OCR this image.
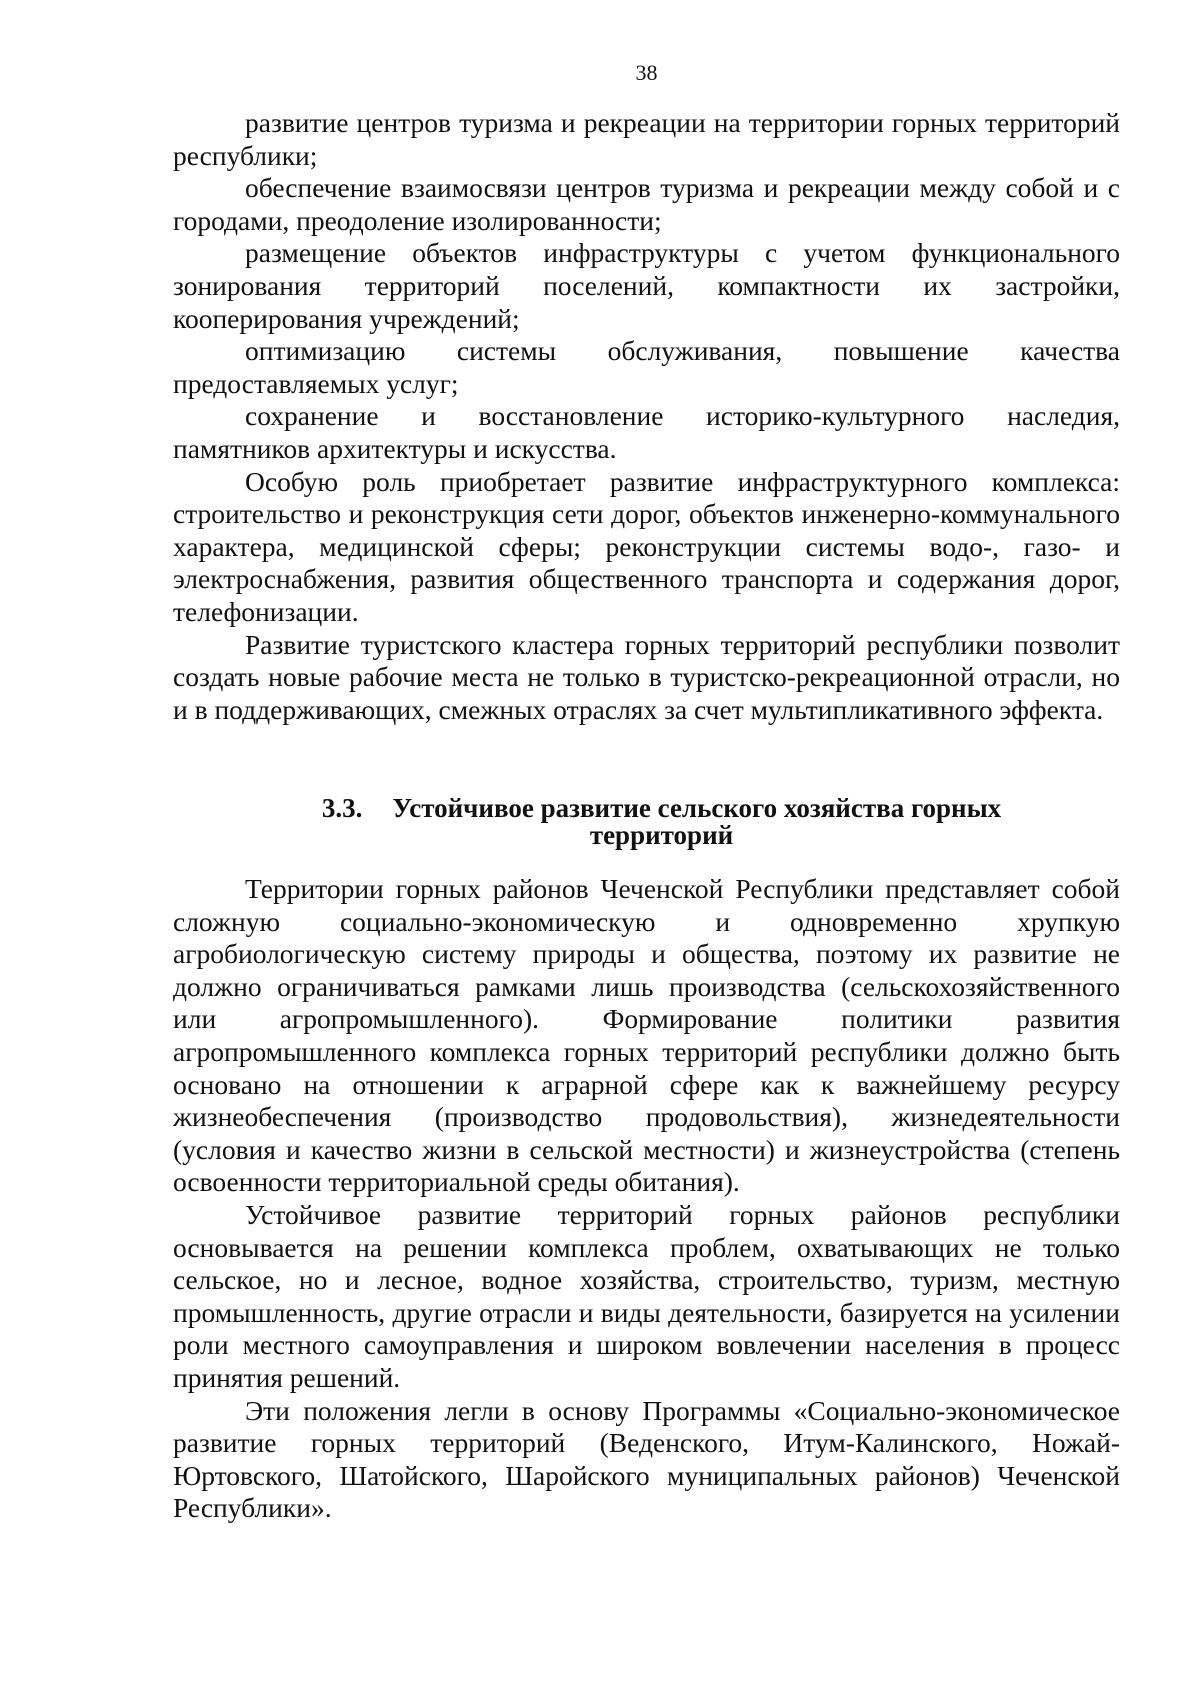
38

развитие центров туризма и рекреации на территории горных территорий республики;

обеспечение взаимосвязи центров туризма и рекреации между собой и с городами, преодоление изолированности;

размещение объектов инфраструктуры с учетом функционального зонирования территорий поселений, компактности их застройки, кооперирования учреждений;

оптимизацию системы обслуживания, повышение качества предоставляемых услуг;

сохранение и восстановление историко-культурного наследия, памятников архитектуры и искусства.

Особую роль приобретает развитие инфраструктурного комплекса: строительство и реконструкция сети дорог, объектов инженерно-коммунального характера, медицинской сферы; реконструкции системы водо-, газо- и электроснабжения, развития общественного транспорта и содержания дорог, телефонизации.

Развитие туристского кластера горных территорий республики позволит создать новые рабочие места не только в туристско-рекреационной отрасли, но и в поддерживающих, смежных отраслях за счет мультипликативного эффекта.

3.3. Устойчивое развитие сельского хозяйства горных
территорий

Территории горных районов Чеченской Республики представляет собой сложную социально-экономическую и одновременно хрупкую агробиологическую систему природы и общества, поэтому их развитие не должно ограничиваться рамками лишь производства (сельскохозяйственного или агропромышленного). Формирование политики развития агропромышленного комплекса горных территорий республики должно быть основано на отношении к аграрной сфере как к важнейшему ресурсу жизнеобеспечения (производство продовольствия), жизнедеятельности (условия и качество жизни в сельской местности) и жизнеустройства (степень освоенности территориальной среды обитания).

Устойчивое развитие территорий горных районов республики основывается на решении комплекса проблем, охватывающих не только сельское, но и лесное, водное хозяйства, строительство, туризм, местную промышленность, другие отрасли и виды деятельности, базируется на усилении роли местного самоуправления и широком вовлечении населения в процесс принятия решений.

Эти положения легли в основу Программы «Социально-экономическое развитие горных территорий (Веденского, Итум-Калинского, Ножай-Юртовского, Шатойского, Шаройского муниципальных районов) Чеченской Республики».
